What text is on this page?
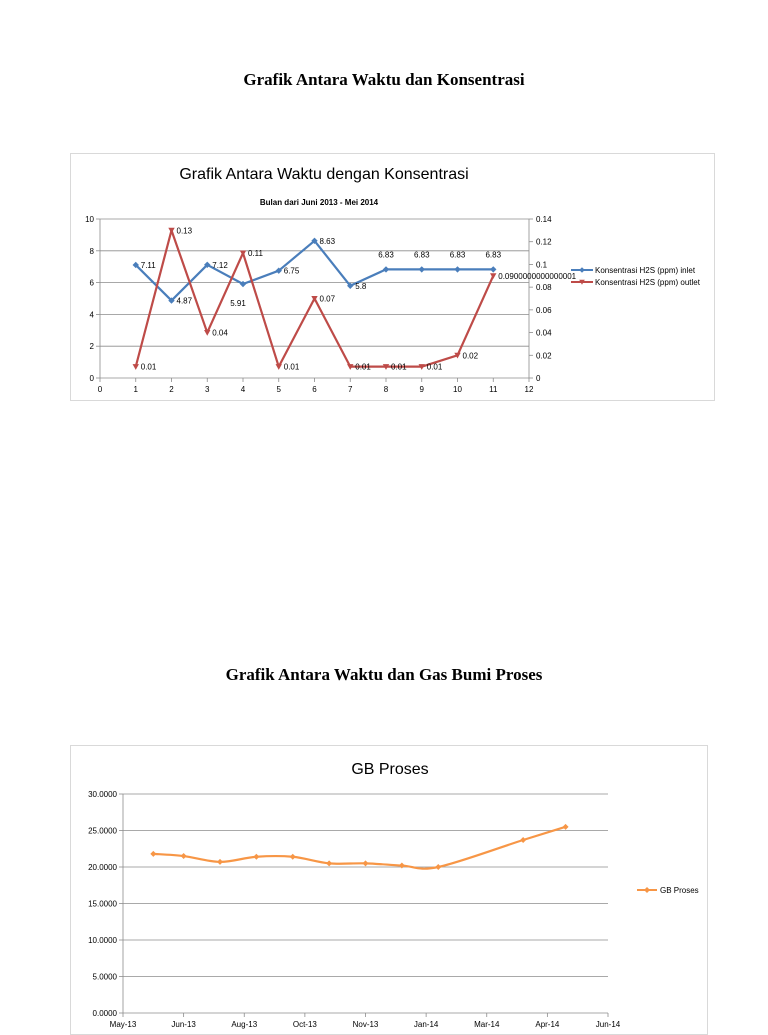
Grafik Antara Waktu dan Konsentrasi
Grafik Antara Waktu dengan Konsentrasi
Bulan dari Juni 2013 - Mei 2014
0
2
4
6
8
10
0
0.02
0.04
0.06
0.08
0.1
0.12
0.14
0	1	2	3	4	5	6	7	8	9	10	11	12
7.11
4.87
7.12
5.91
6.75
8.63
5.8
6.83	6.83	6.83	6.83
0.01
0.13
0.04
0.11
0.01
0.07
0.01	0.01	0.01
0.02
0.0900000000000001
Konsentrasi H2S (ppm) inlet
Konsentrasi H2S (ppm) outlet
Grafik Antara Waktu dan Gas Bumi Proses
GB Proses
0.0000
5.0000
10.0000
15.0000
20.0000
25.0000
30.0000
May-13	Jun-13	Aug-13	Oct-13	Nov-13	Jan-14	Mar-14	Apr-14	Jun-14
GB Proses
